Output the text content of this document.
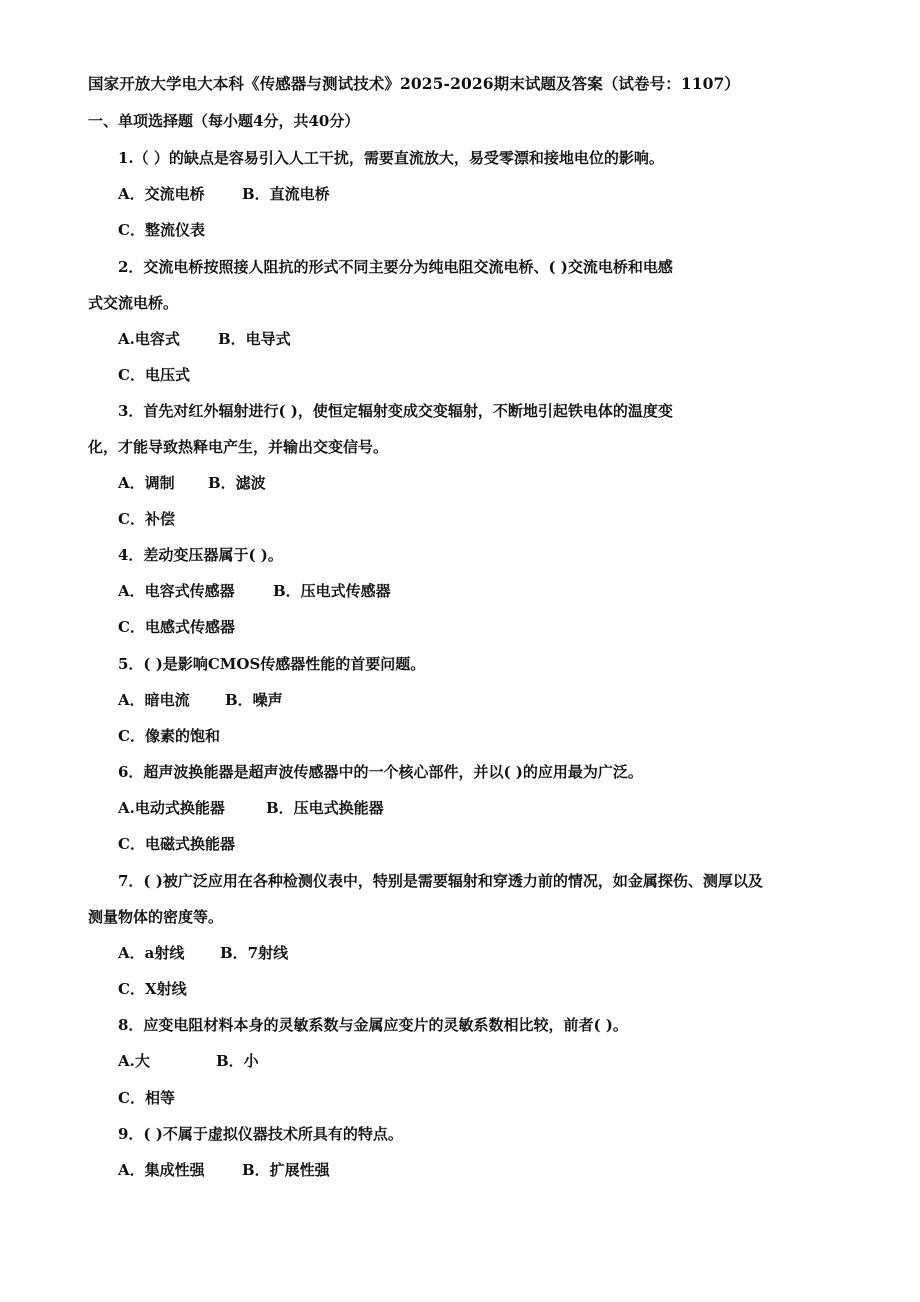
国家开放大学电大本科《传感器与测试技术》2025-2026期末试题及答案（试卷号：1107）
一、单项选择题（每小题4分，共40分）
1.（ ）的缺点是容易引入人工干扰，需要直流放大，易受零漂和接地电位的影响。
A．交流电桥 B．直流电桥
C．整流仪表
2．交流电桥按照接人阻抗的形式不同主要分为纯电阻交流电桥、( )交流电桥和电感
式交流电桥。
A.电容式	B．电导式
C．电压式
3．首先对红外辐射进行( )，使恒定辐射变成交变辐射，不断地引起铁电体的温度变
化，才能导致热释电产生，并输出交变信号。
A．调制 B．滤波
C．补偿
4．差动变压器属于( )。
A．电容式传感器	B．压电式传感器
C．电感式传感器
5．( )是影响CMOS传感器性能的首要问题。
A．暗电流 B．噪声
C．像素的饱和
6．超声波换能器是超声波传感器中的一个核心部件，并以( )的应用最为广泛。
A.电动式换能器	B．压电式换能器
C．电磁式换能器
7．( )被广泛应用在各种检测仪表中，特别是需要辐射和穿透力前的情况，如金属探伤、测厚以及
测量物体的密度等。
A．a射线 B．7射线
C．X射线
8．应变电阻材料本身的灵敏系数与金属应变片的灵敏系数相比较，前者( )。
A.大	B．小
C．相等
9．( )不属于虚拟仪器技术所具有的特点。
A．集成性强 B．扩展性强
